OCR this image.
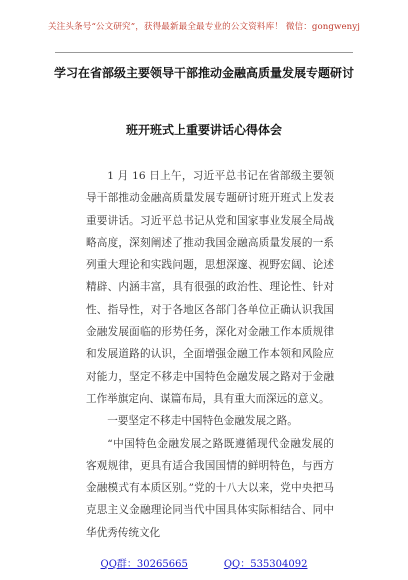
关注头条号“公文研究”，获得最新最全最专业的公文资料库！ 微信：gongwenyj
学习在省部级主要领导干部推动金融高质量发展专题研讨
班开班式上重要讲话心得体会

1 月 16 日上午，习近平总书记在省部级主要领导干部推动金融高质量发展专题研讨班开班式上发表重要讲话。习近平总书记从党和国家事业发展全局战略高度，深刻阐述了推动我国金融高质量发展的一系列重大理论和实践问题，思想深邃、视野宏阔、论述精辟、内涵丰富，具有很强的政治性、理论性、针对性、指导性，对于各地区各部门各单位正确认识我国金融发展面临的形势任务，深化对金融工作本质规律和发展道路的认识，全面增强金融工作本领和风险应对能力，坚定不移走中国特色金融发展之路对于金融工作举旗定向、谋篇布局，具有重大而深远的意义。

一要坚定不移走中国特色金融发展之路。

“中国特色金融发展之路既遵循现代金融发展的客观规律，更具有适合我国国情的鲜明特色，与西方金融模式有本质区别。”党的十八大以来，党中央把马克思主义金融理论同当代中国具体实际相结合、同中华优秀传统文化

QQ群：30265665	QQ：535304092
